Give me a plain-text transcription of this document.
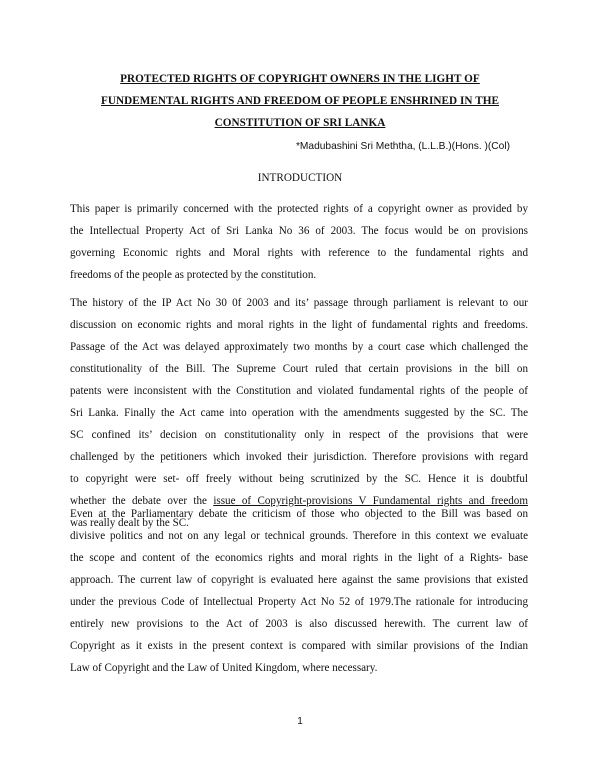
PROTECTED RIGHTS OF COPYRIGHT OWNERS IN THE LIGHT OF
FUNDEMENTAL RIGHTS AND FREEDOM OF PEOPLE ENSHRINED IN THE
CONSTITUTION OF SRI LANKA
*Madubashini Sri Meththa, (L.L.B.)(Hons. )(Col)
INTRODUCTION
This paper is primarily concerned with the protected rights of a copyright owner as provided by
the Intellectual Property Act of Sri Lanka No 36 of 2003. The focus would be on provisions
governing Economic rights and Moral rights with reference to the fundamental rights and
freedoms of the people as protected by the constitution.
The history of the IP Act No 30 0f 2003 and its’ passage through parliament is relevant to our
discussion on economic rights and moral rights in the light of fundamental rights and freedoms.
Passage of the Act was delayed approximately two months by a court case which challenged the
constitutionality of the Bill. The Supreme Court ruled that certain provisions in the bill on
patents were inconsistent with the Constitution and violated fundamental rights of the people of
Sri Lanka. Finally the Act came into operation with the amendments suggested by the SC. The
SC confined its’ decision on constitutionality only in respect of the provisions that were
challenged by the petitioners which invoked their jurisdiction. Therefore provisions with regard
to copyright were set- off freely without being scrutinized by the SC. Hence it is doubtful
whether the debate over the issue of Copyright-provisions V Fundamental rights and freedom
was really dealt by the SC.
Even at the Parliamentary debate the criticism of those who objected to the Bill was based on
divisive politics and not on any legal or technical grounds. Therefore in this context we evaluate
the scope and content of the economics rights and moral rights in the light of a Rights- base
approach. The current law of copyright is evaluated here against the same provisions that existed
under the previous Code of Intellectual Property Act No 52 of 1979.The rationale for introducing
entirely new provisions to the Act of 2003 is also discussed herewith. The current law of
Copyright as it exists in the present context is compared with similar provisions of the Indian
Law of Copyright and the Law of United Kingdom, where necessary.
1
